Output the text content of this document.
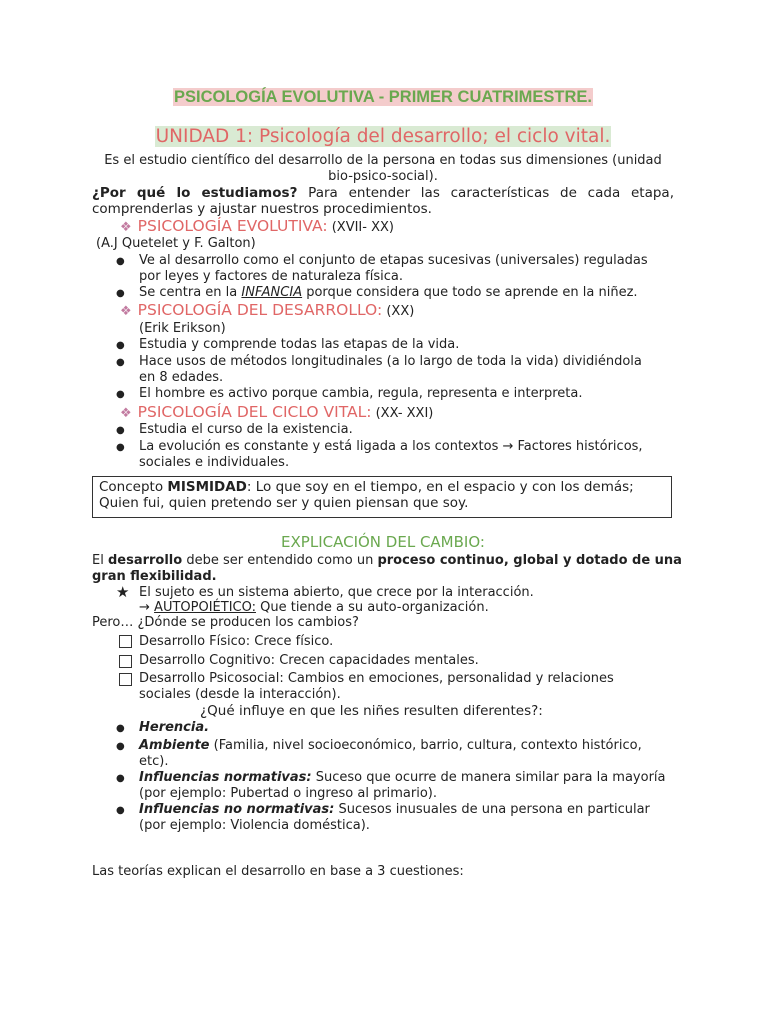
PSICOLOGÍA EVOLUTIVA - PRIMER CUATRIMESTRE.
UNIDAD 1: Psicología del desarrollo; el ciclo vital.
Es el estudio científico del desarrollo de la persona en todas sus dimensiones (unidad
bio-psico-social).
¿Por qué lo estudiamos? Para entender las características de cada etapa,
comprenderlas y ajustar nuestros procedimientos.
❖ PSICOLOGÍA EVOLUTIVA: (XVII- XX)
(A.J Quetelet y F. Galton)
● Ve al desarrollo como el conjunto de etapas sucesivas (universales) reguladas
por leyes y factores de naturaleza física.
● Se centra en la INFANCIA porque considera que todo se aprende en la niñez.
❖ PSICOLOGÍA DEL DESARROLLO: (XX)
(Erik Erikson)
● Estudia y comprende todas las etapas de la vida.
● Hace usos de métodos longitudinales (a lo largo de toda la vida) dividiéndola
en 8 edades.
● El hombre es activo porque cambia, regula, representa e interpreta.
❖ PSICOLOGÍA DEL CICLO VITAL: (XX- XXI)
● Estudia el curso de la existencia.
● La evolución es constante y está ligada a los contextos → Factores históricos,
sociales e individuales.
Concepto MISMIDAD: Lo que soy en el tiempo, en el espacio y con los demás;
Quien fui, quien pretendo ser y quien piensan que soy.
EXPLICACIÓN DEL CAMBIO:
El desarrollo debe ser entendido como un proceso continuo, global y dotado de una
gran flexibilidad.
★ El sujeto es un sistema abierto, que crece por la interacción.
→ AUTOPOIÉTICO: Que tiende a su auto-organización.
Pero… ¿Dónde se producen los cambios?
Desarrollo Físico: Crece físico.
Desarrollo Cognitivo: Crecen capacidades mentales.
Desarrollo Psicosocial: Cambios en emociones, personalidad y relaciones
sociales (desde la interacción).
¿Qué influye en que les niñes resulten diferentes?:
● Herencia.
● Ambiente (Familia, nivel socioeconómico, barrio, cultura, contexto histórico,
etc).
● Influencias normativas: Suceso que ocurre de manera similar para la mayoría
(por ejemplo: Pubertad o ingreso al primario).
● Influencias no normativas: Sucesos inusuales de una persona en particular
(por ejemplo: Violencia doméstica).
Las teorías explican el desarrollo en base a 3 cuestiones:
